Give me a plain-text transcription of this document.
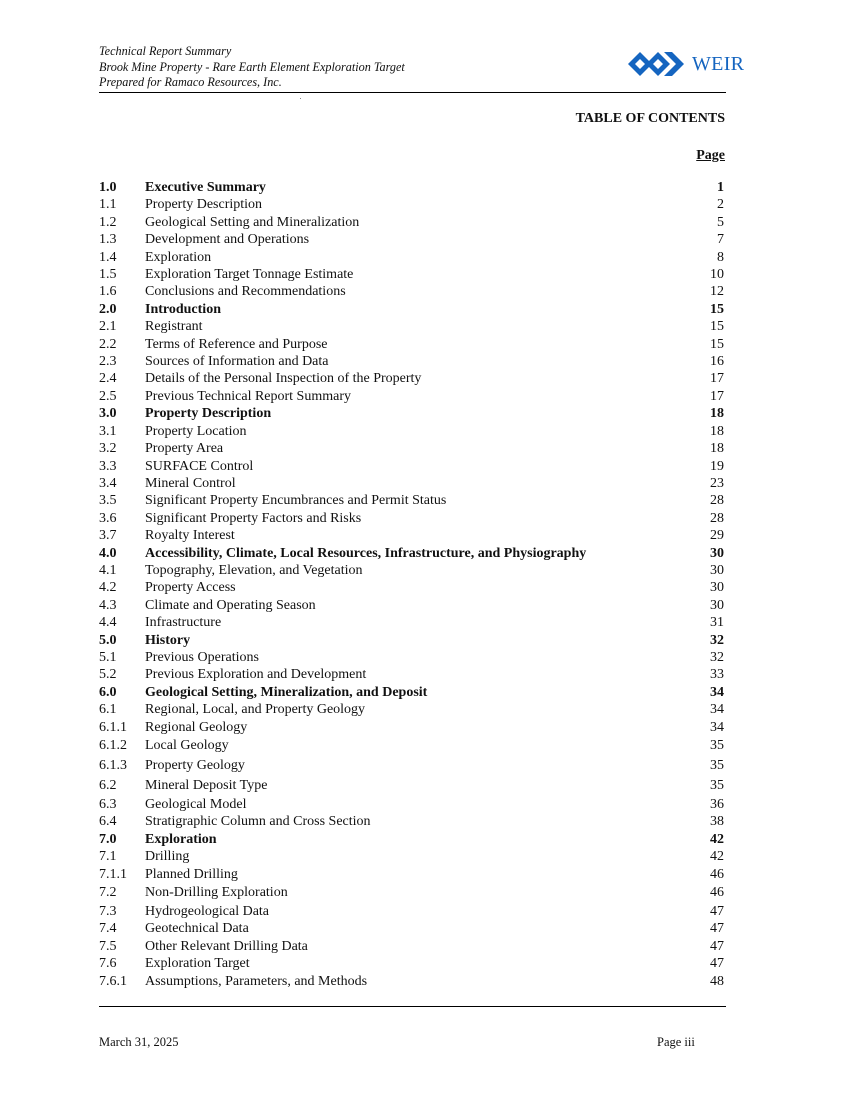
Technical Report Summary
Brook Mine Property - Rare Earth Element Exploration Target
Prepared for Ramaco Resources, Inc.
WEIR
TABLE OF CONTENTS
Page
1.0	Executive Summary	1
1.1	Property Description	2
1.2	Geological Setting and Mineralization	5
1.3	Development and Operations	7
1.4	Exploration	8
1.5	Exploration Target Tonnage Estimate	10
1.6	Conclusions and Recommendations	12
2.0	Introduction	15
2.1	Registrant	15
2.2	Terms of Reference and Purpose	15
2.3	Sources of Information and Data	16
2.4	Details of the Personal Inspection of the Property	17
2.5	Previous Technical Report Summary	17
3.0	Property Description	18
3.1	Property Location	18
3.2	Property Area	18
3.3	SURFACE Control	19
3.4	Mineral Control	23
3.5	Significant Property Encumbrances and Permit Status	28
3.6	Significant Property Factors and Risks	28
3.7	Royalty Interest	29
4.0	Accessibility, Climate, Local Resources, Infrastructure, and Physiography	30
4.1	Topography, Elevation, and Vegetation	30
4.2	Property Access	30
4.3	Climate and Operating Season	30
4.4	Infrastructure	31
5.0	History	32
5.1	Previous Operations	32
5.2	Previous Exploration and Development	33
6.0	Geological Setting, Mineralization, and Deposit	34
6.1	Regional, Local, and Property Geology	34
6.1.1	Regional Geology	34
6.1.2	Local Geology	35
6.1.3	Property Geology	35
6.2	Mineral Deposit Type	35
6.3	Geological Model	36
6.4	Stratigraphic Column and Cross Section	38
7.0	Exploration	42
7.1	Drilling	42
7.1.1	Planned Drilling	46
7.2	Non-Drilling Exploration	46
7.3	Hydrogeological Data	47
7.4	Geotechnical Data	47
7.5	Other Relevant Drilling Data	47
7.6	Exploration Target	47
7.6.1	Assumptions, Parameters, and Methods	48
March 31, 2025	Page iii
